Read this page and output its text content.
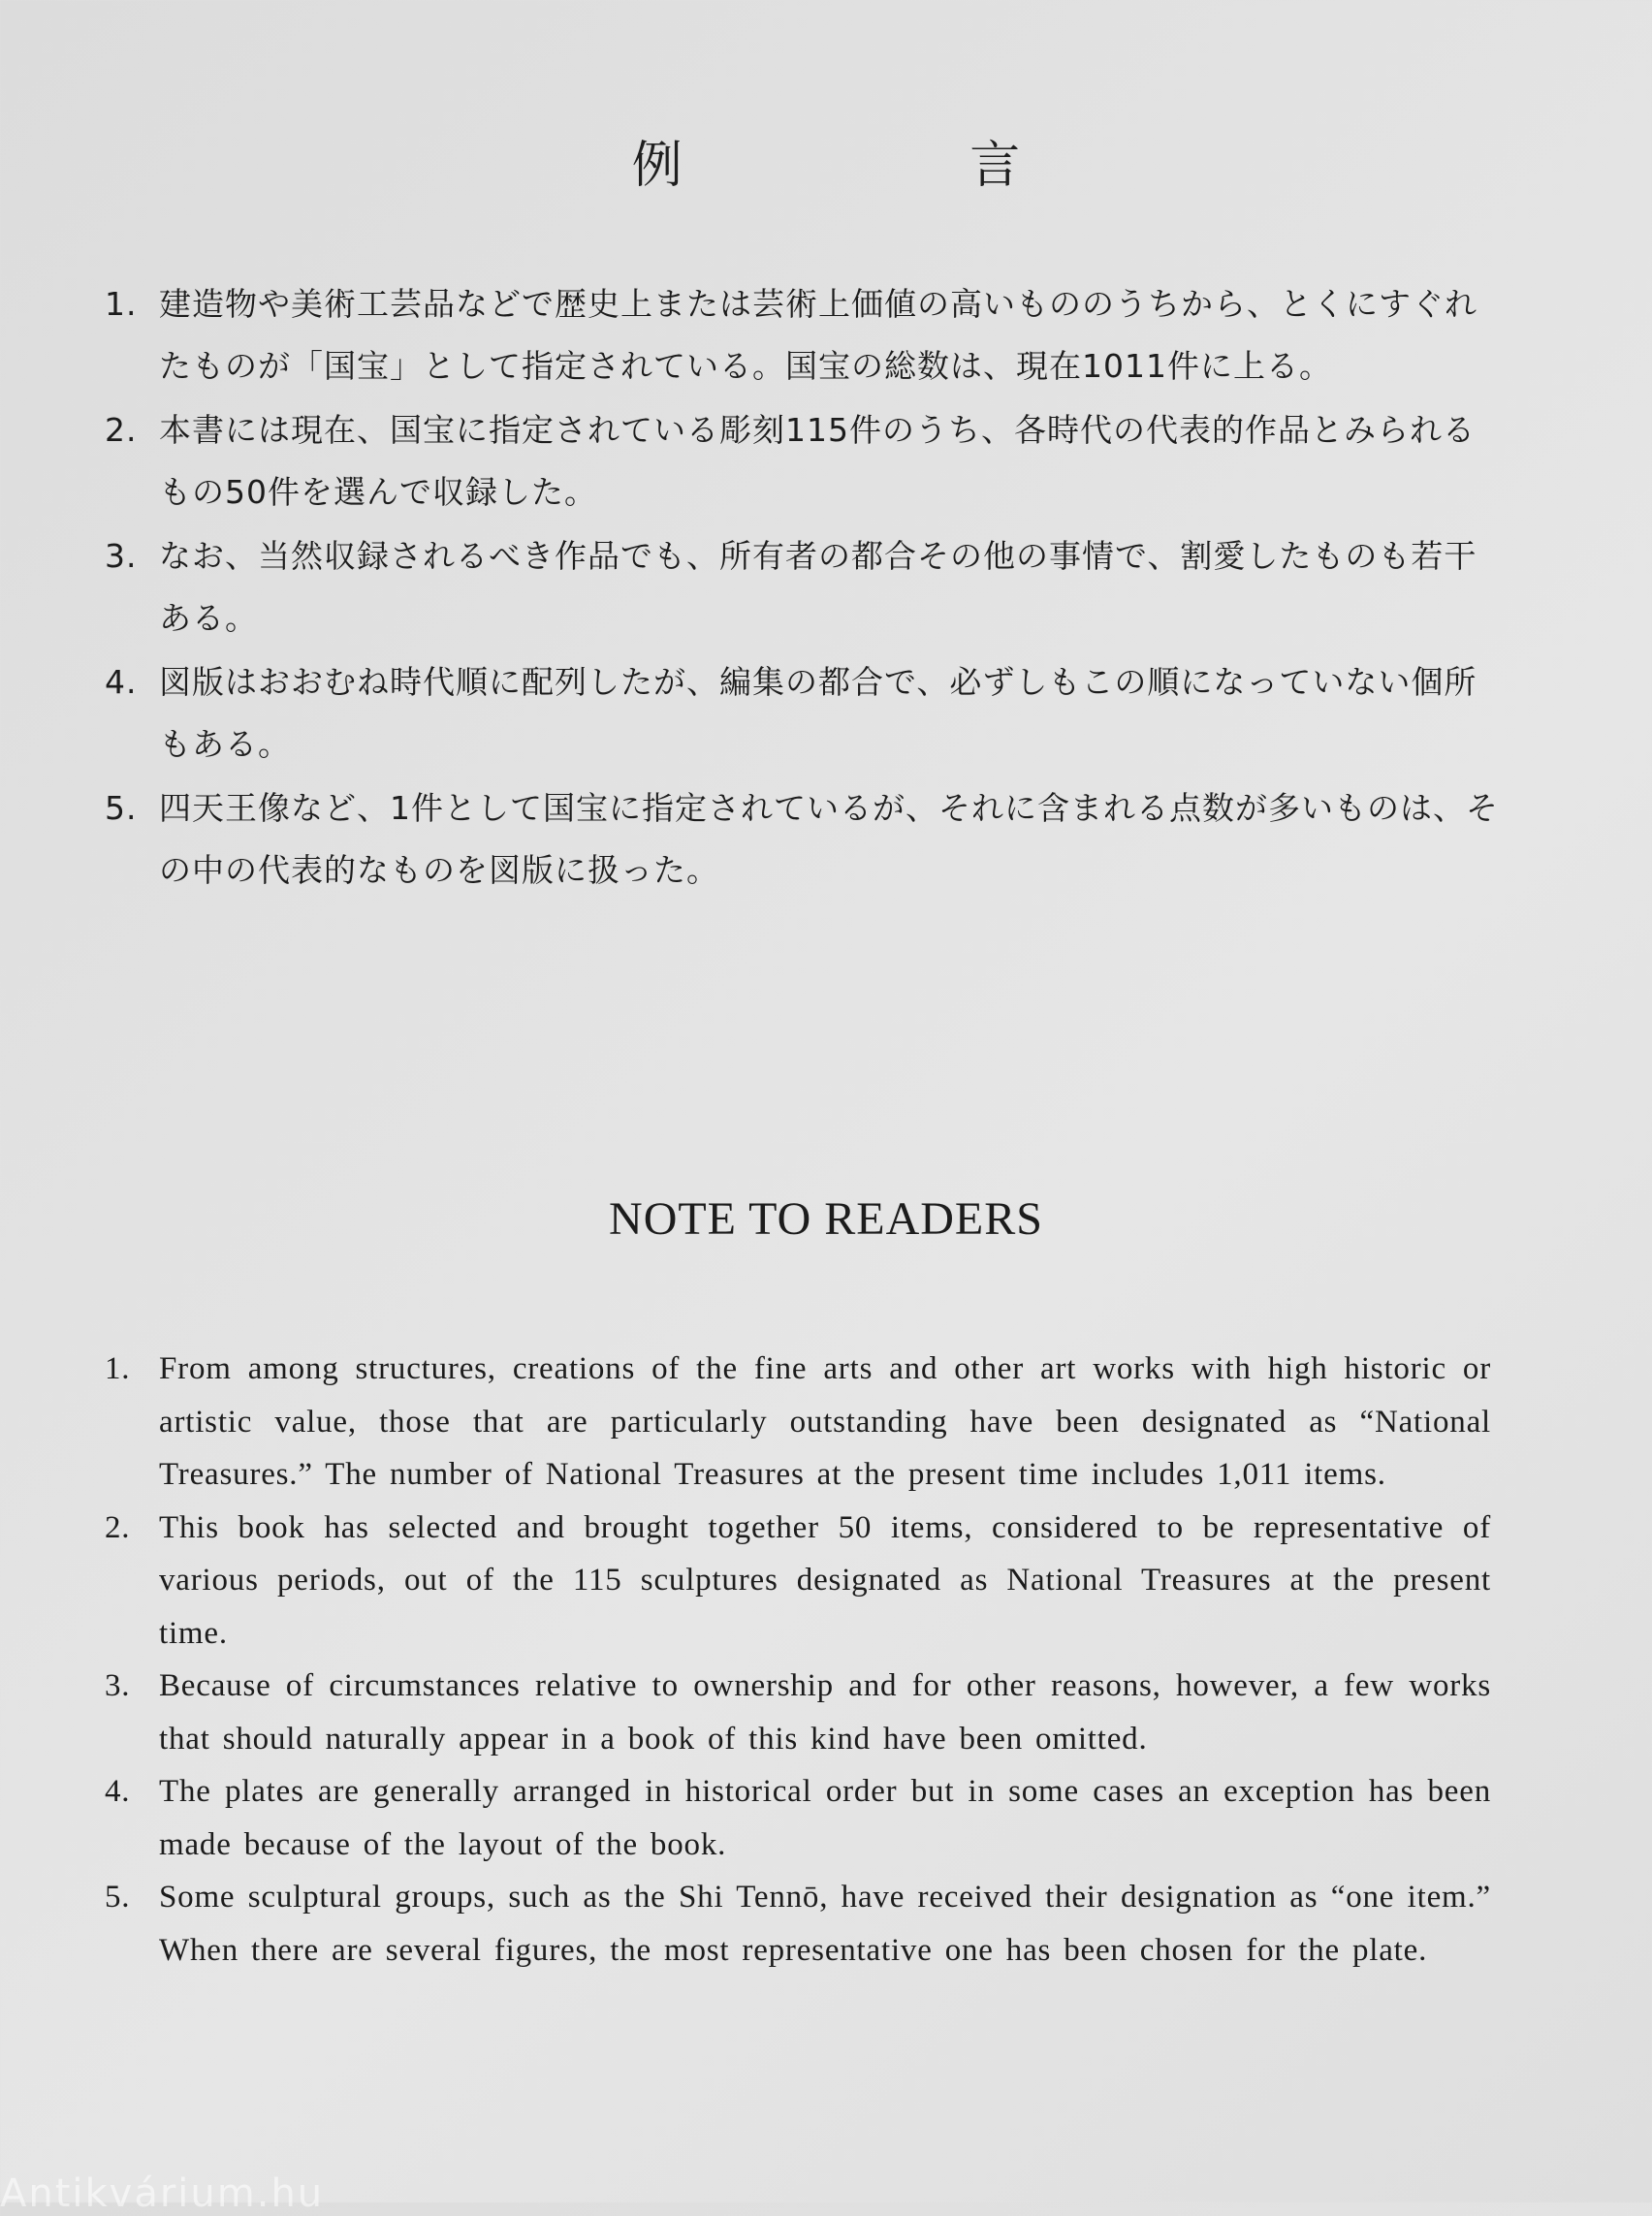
例 言
1. 建造物や美術工芸品などで歴史上または芸術上価値の高いもののうちから、とくにすぐれたものが「国宝」として指定されている。国宝の総数は、現在1011件に上る。
2. 本書には現在、国宝に指定されている彫刻115件のうち、各時代の代表的作品とみられるもの50件を選んで収録した。
3. なお、当然収録されるべき作品でも、所有者の都合その他の事情で、割愛したものも若干ある。
4. 図版はおおむね時代順に配列したが、編集の都合で、必ずしもこの順になっていない個所もある。
5. 四天王像など、1件として国宝に指定されているが、それに含まれる点数が多いものは、その中の代表的なものを図版に扱った。
NOTE TO READERS
1. From among structures, creations of the fine arts and other art works with high historic or artistic value, those that are particularly outstanding have been designated as “National Treasures.” The number of National Treasures at the present time includes 1,011 items.
2. This book has selected and brought together 50 items, considered to be representative of various periods, out of the 115 sculptures designated as National Treasures at the present time.
3. Because of circumstances relative to ownership and for other reasons, however, a few works that should naturally appear in a book of this kind have been omitted.
4. The plates are generally arranged in historical order but in some cases an exception has been made because of the layout of the book.
5. Some sculptural groups, such as the Shi Tennō, have received their designation as “one item.” When there are several figures, the most representative one has been chosen for the plate.
Antikvárium.hu
